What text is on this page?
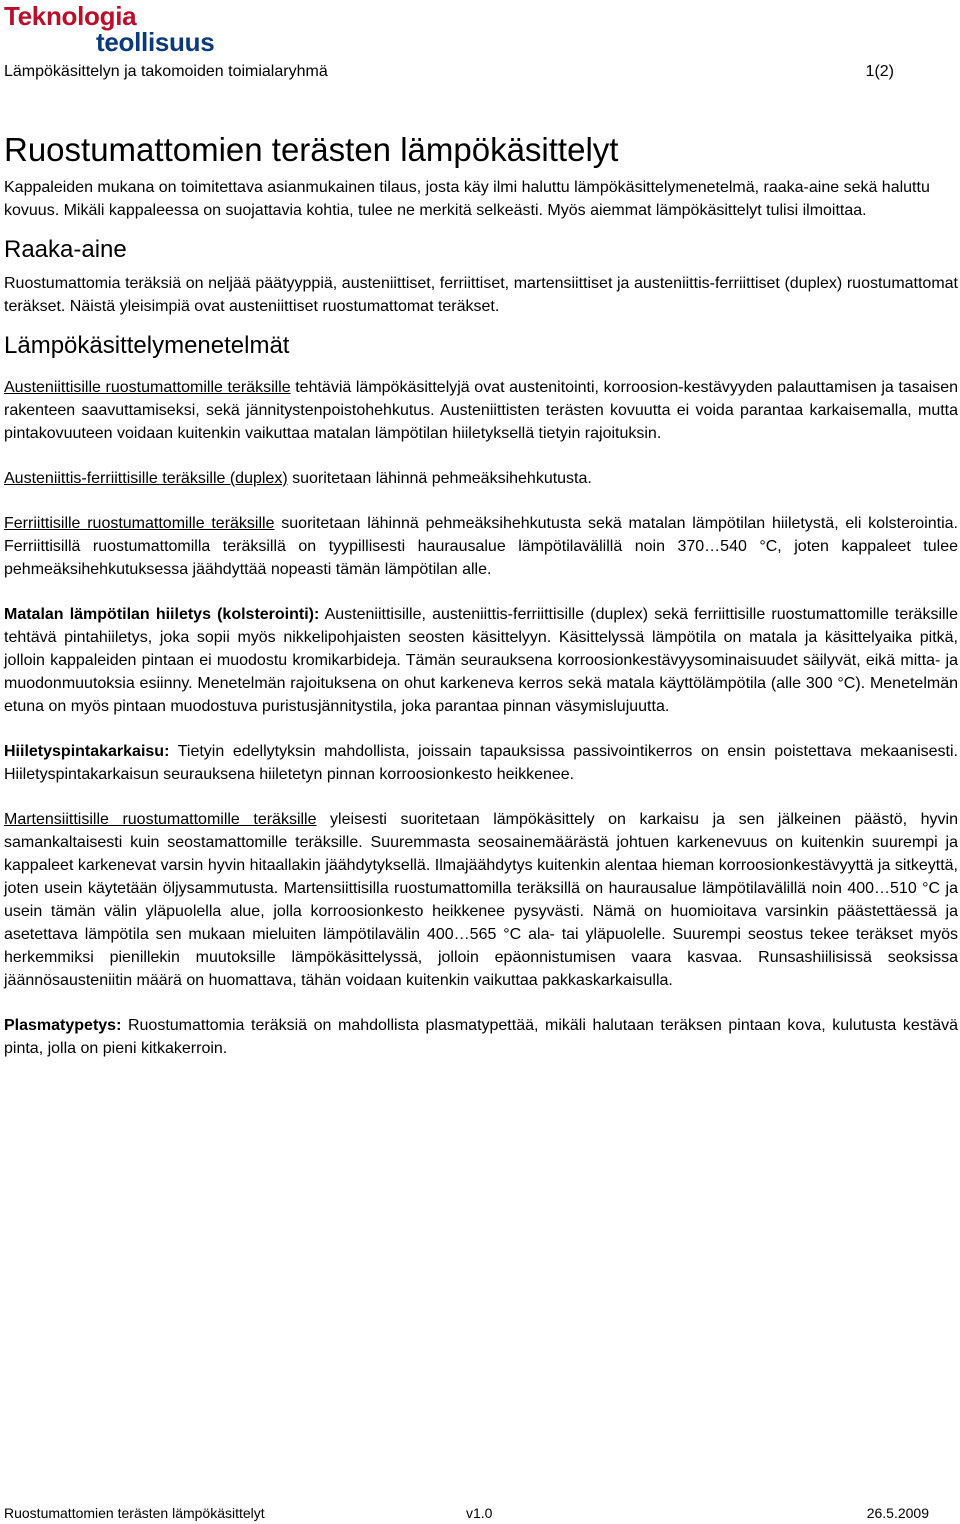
Teknologia
teollisuus
Lämpökäsittelyn ja takomoiden toimialaryhmä	1(2)
Ruostumattomien terästen lämpökäsittelyt

Kappaleiden mukana on toimitettava asianmukainen tilaus, josta käy ilmi haluttu lämpökäsittelymenetelmä, raaka-aine sekä haluttu kovuus. Mikäli kappaleessa on suojattavia kohtia, tulee ne merkitä selkeästi. Myös aiemmat lämpökäsittelyt tulisi ilmoittaa.

Raaka-aine

Ruostumattomia teräksiä on neljää päätyyppiä, austeniittiset, ferriittiset, martensiittiset ja austeniittis-ferriittiset (duplex) ruostumattomat teräkset. Näistä yleisimpiä ovat austeniittiset ruostumattomat teräkset.

Lämpökäsittelymenetelmät

Austeniittisille ruostumattomille teräksille tehtäviä lämpökäsittelyjä ovat austenitointi, korroosion-kestävyyden palauttamisen ja tasaisen rakenteen saavuttamiseksi, sekä jännitystenpoistohehkutus. Austeniittisten terästen kovuutta ei voida parantaa karkaisemalla, mutta pintakovuuteen voidaan kuitenkin vaikuttaa matalan lämpötilan hiiletyksellä tietyin rajoituksin.

Austeniittis-ferriittisille teräksille (duplex) suoritetaan lähinnä pehmeäksihehkutusta.

Ferriittisille ruostumattomille teräksille suoritetaan lähinnä pehmeäksihehkutusta sekä matalan lämpötilan hiiletystä, eli kolsterointia. Ferriittisillä ruostumattomilla teräksillä on tyypillisesti haurausalue lämpötilavälillä noin 370…540 °C, joten kappaleet tulee pehmeäksihehkutuksessa jäähdyttää nopeasti tämän lämpötilan alle.

Matalan lämpötilan hiiletys (kolsterointi): Austeniittisille, austeniittis-ferriittisille (duplex) sekä ferriittisille ruostumattomille teräksille tehtävä pintahiiletys, joka sopii myös nikkelipohjaisten seosten käsittelyyn. Käsittelyssä lämpötila on matala ja käsittelyaika pitkä, jolloin kappaleiden pintaan ei muodostu kromikarbideja. Tämän seurauksena korroosionkestävyysominaisuudet säilyvät, eikä mitta- ja muodonmuutoksia esiinny. Menetelmän rajoituksena on ohut karkeneva kerros sekä matala käyttölämpötila (alle 300 °C). Menetelmän etuna on myös pintaan muodostuva puristusjännitystila, joka parantaa pinnan väsymislujuutta.

Hiiletyspintakarkaisu: Tietyin edellytyksin mahdollista, joissain tapauksissa passivointikerros on ensin poistettava mekaanisesti. Hiiletyspintakarkaisun seurauksena hiiletetyn pinnan korroosionkesto heikkenee.

Martensiittisille ruostumattomille teräksille yleisesti suoritetaan lämpökäsittely on karkaisu ja sen jälkeinen päästö, hyvin samankaltaisesti kuin seostamattomille teräksille. Suuremmasta seosainemäärästä johtuen karkenevuus on kuitenkin suurempi ja kappaleet karkenevat varsin hyvin hitaallakin jäähdytyksellä. Ilmajäähdytys kuitenkin alentaa hieman korroosionkestävyyttä ja sitkeyttä, joten usein käytetään öljysammutusta. Martensiittisilla ruostumattomilla teräksillä on haurausalue lämpötilavälillä noin 400…510 °C ja usein tämän välin yläpuolella alue, jolla korroosionkesto heikkenee pysyvästi. Nämä on huomioitava varsinkin päästettäessä ja asetettava lämpötila sen mukaan mieluiten lämpötilavälin 400…565 °C ala- tai yläpuolelle. Suurempi seostus tekee teräkset myös herkemmiksi pienillekin muutoksille lämpökäsittelyssä, jolloin epäonnistumisen vaara kasvaa. Runsashiilisissä seoksissa jäännösausteniitin määrä on huomattava, tähän voidaan kuitenkin vaikuttaa pakkaskarkaisulla.

Plasmatypetys: Ruostumattomia teräksiä on mahdollista plasmatypettää, mikäli halutaan teräksen pintaan kova, kulutusta kestävä pinta, jolla on pieni kitkakerroin.

Ruostumattomien terästen lämpökäsittelyt	v1.0	26.5.2009
